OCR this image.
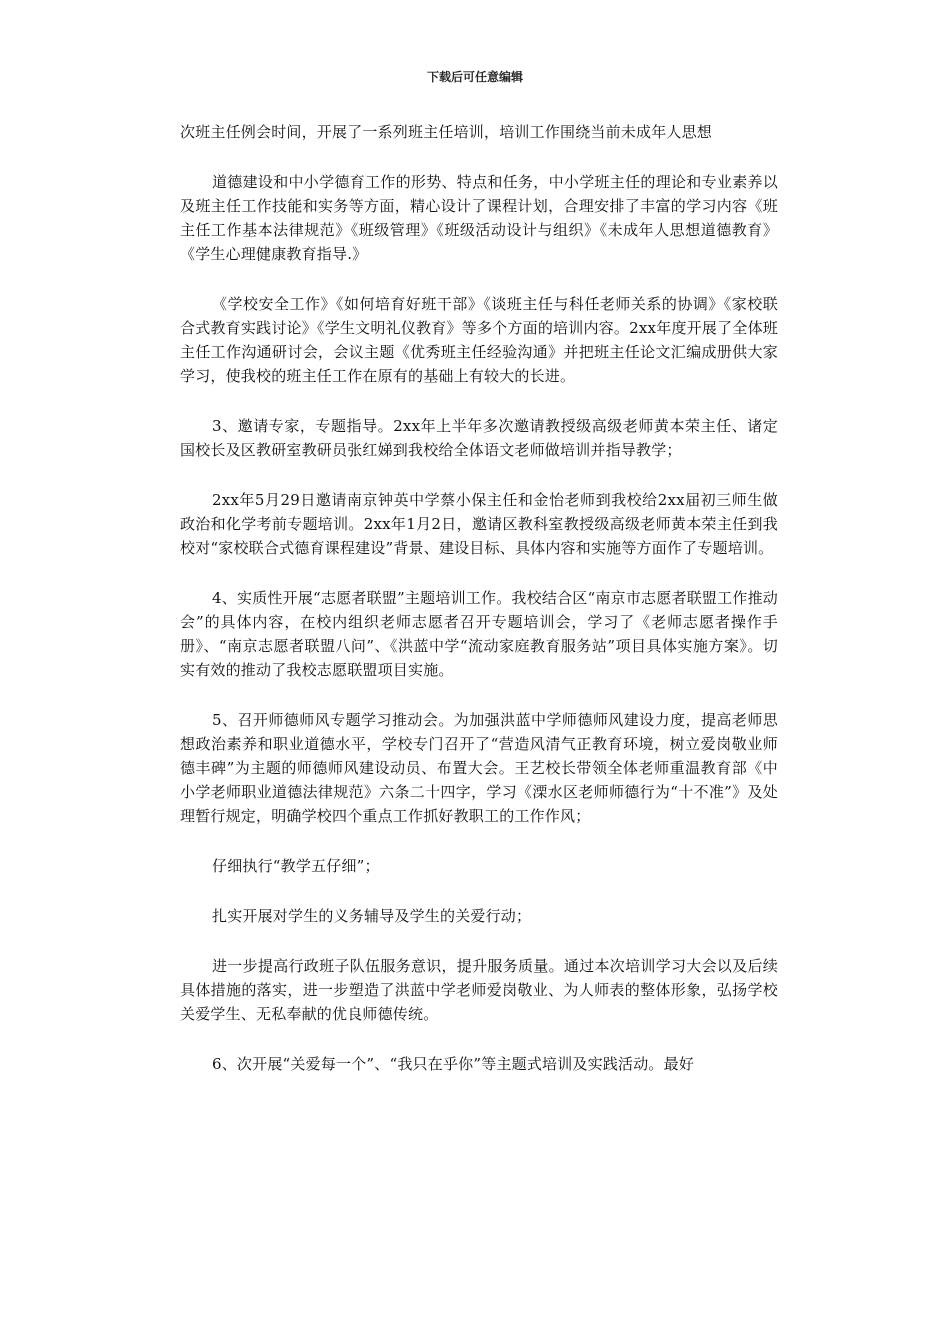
下载后可任意编辑

次班主任例会时间，开展了一系列班主任培训，培训工作围绕当前未成年人思想

道德建设和中小学德育工作的形势、特点和任务，中小学班主任的理论和专业素养以及班主任工作技能和实务等方面，精心设计了课程计划，合理安排了丰富的学习内容《班主任工作基本法律规范》《班级管理》《班级活动设计与组织》《未成年人思想道德教育》《学生心理健康教育指导.》

《学校安全工作》《如何培育好班干部》《谈班主任与科任老师关系的协调》《家校联合式教育实践讨论》《学生文明礼仪教育》等多个方面的培训内容。2xx年度开展了全体班主任工作沟通研讨会，会议主题《优秀班主任经验沟通》并把班主任论文汇编成册供大家学习，使我校的班主任工作在原有的基础上有较大的长进。

3、邀请专家，专题指导。2xx年上半年多次邀请教授级高级老师黄本荣主任、诸定国校长及区教研室教研员张红娣到我校给全体语文老师做培训并指导教学；

2xx年5月29日邀请南京钟英中学蔡小保主任和金怡老师到我校给2xx届初三师生做政治和化学考前专题培训。2xx年1月2日，邀请区教科室教授级高级老师黄本荣主任到我校对“家校联合式德育课程建设”背景、建设目标、具体内容和实施等方面作了专题培训。

4、实质性开展“志愿者联盟”主题培训工作。我校结合区“南京市志愿者联盟工作推动会”的具体内容，在校内组织老师志愿者召开专题培训会，学习了《老师志愿者操作手册》、“南京志愿者联盟八问”、《洪蓝中学“流动家庭教育服务站”项目具体实施方案》。切实有效的推动了我校志愿联盟项目实施。

5、召开师德师风专题学习推动会。为加强洪蓝中学师德师风建设力度，提高老师思想政治素养和职业道德水平，学校专门召开了“营造风清气正教育环境，树立爱岗敬业师德丰碑”为主题的师德师风建设动员、布置大会。王艺校长带领全体老师重温教育部《中小学老师职业道德法律规范》六条二十四字，学习《溧水区老师师德行为“十不准”》及处理暂行规定，明确学校四个重点工作抓好教职工的工作作风；

仔细执行“教学五仔细”；

扎实开展对学生的义务辅导及学生的关爱行动；

进一步提高行政班子队伍服务意识，提升服务质量。通过本次培训学习大会以及后续具体措施的落实，进一步塑造了洪蓝中学老师爱岗敬业、为人师表的整体形象，弘扬学校关爱学生、无私奉献的优良师德传统。

6、次开展“关爱每一个”、“我只在乎你”等主题式培训及实践活动。最好
